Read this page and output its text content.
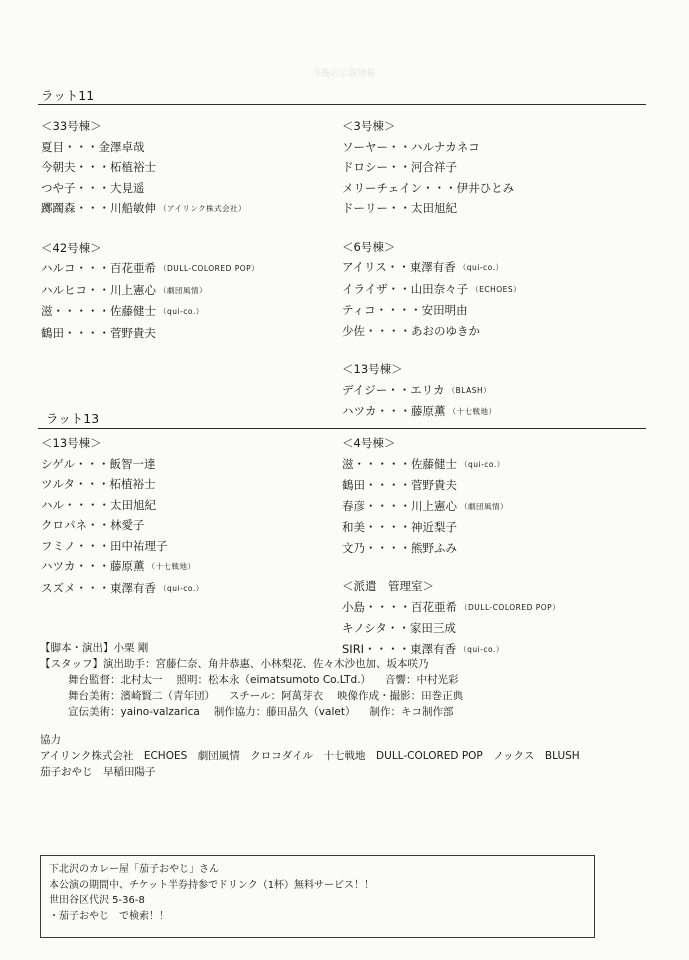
今後の公演情報
ラット11
＜33号棟＞
夏目・・・金澤卓哉
今朝夫・・・柘植裕士
つや子・・・大見遥
躑躅森・・・川船敏伸 （アイリンク株式会社）
＜42号棟＞
ハルコ・・・百花亜希 （DULL-COLORED POP）
ハルヒコ・・川上憲心 （劇団風情）
滋・・・・・佐藤健士 （qui-co.）
鶴田・・・・菅野貴夫
＜3号棟＞
ソーヤー・・ハルナカネコ
ドロシー・・河合祥子
メリーチェイン・・・伊井ひとみ
ドーリー・・太田旭紀
＜6号棟＞
アイリス・・東澤有香 （qui-co.）
イライザ・・山田奈々子 （ECHOES）
ティコ・・・・安田明由
少佐・・・・あおのゆきか
＜13号棟＞
デイジー・・エリカ （BLASH）
ハツカ・・・藤原薫 （十七戦地）
ラット13
＜13号棟＞
シゲル・・・飯智一達
ツルタ・・・柘植裕士
ハル・・・・太田旭紀
クロパネ・・林愛子
フミノ・・・田中祐理子
ハツカ・・・藤原薫 （十七戦地）
スズメ・・・東澤有香 （qui-co.）
＜4号棟＞
滋・・・・・佐藤健士 （qui-co.）
鶴田・・・・菅野貴夫
春彦・・・・川上憲心 （劇団風情）
和美・・・・神近梨子
文乃・・・・熊野ふみ
＜派遣　管理室＞
小島・・・・百花亜希 （DULL-COLORED POP）
キノシタ・・家田三成
SIRI・・・・東澤有香 （qui-co.）
【脚本・演出】小栗 剛
【スタッフ】演出助手：宮藤仁奈、角井恭惠、小林梨花、佐々木沙也加、坂本咲乃
舞台監督：北村太一 照明：松本永（eimatsumoto Co.LTd.） 音響：中村光彩
舞台美術：濱崎賢二（青年団） スチール：阿萬芽衣 映像作成・撮影：田巻正典
宣伝美術：yaino-valzarica 制作協力：藤田晶久（valet） 制作：キコ制作部
協力
アイリンク株式会社　ECHOES　劇団風情　クロコダイル　十七戦地　DULL-COLORED POP　ノックス　BLUSH
茄子おやじ　早稲田陽子
下北沢のカレー屋「茄子おやじ」さん
本公演の期間中、チケット半券持参でドリンク（1杯）無料サービス！！
世田谷区代沢 5-36-8
・茄子おやじ　で検索！！
